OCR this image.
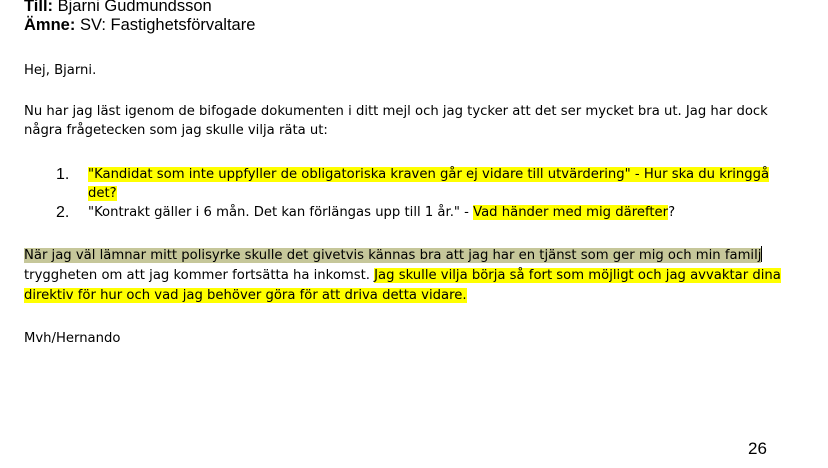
Till: Bjarni Gudmundsson
Ämne: SV: Fastighetsförvaltare
Hej, Bjarni.
Nu har jag läst igenom de bifogade dokumenten i ditt mejl och jag tycker att det ser mycket bra ut. Jag har dock
några frågetecken som jag skulle vilja räta ut:
1. "Kandidat som inte uppfyller de obligatoriska kraven går ej vidare till utvärdering" - Hur ska du kringgå
det?
2. "Kontrakt gäller i 6 mån. Det kan förlängas upp till 1 år." - Vad händer med mig därefter?
När jag väl lämnar mitt polisyrke skulle det givetvis kännas bra att jag har en tjänst som ger mig och min familj
tryggheten om att jag kommer fortsätta ha inkomst. Jag skulle vilja börja så fort som möjligt och jag avvaktar dina
direktiv för hur och vad jag behöver göra för att driva detta vidare.
Mvh/Hernando
26
